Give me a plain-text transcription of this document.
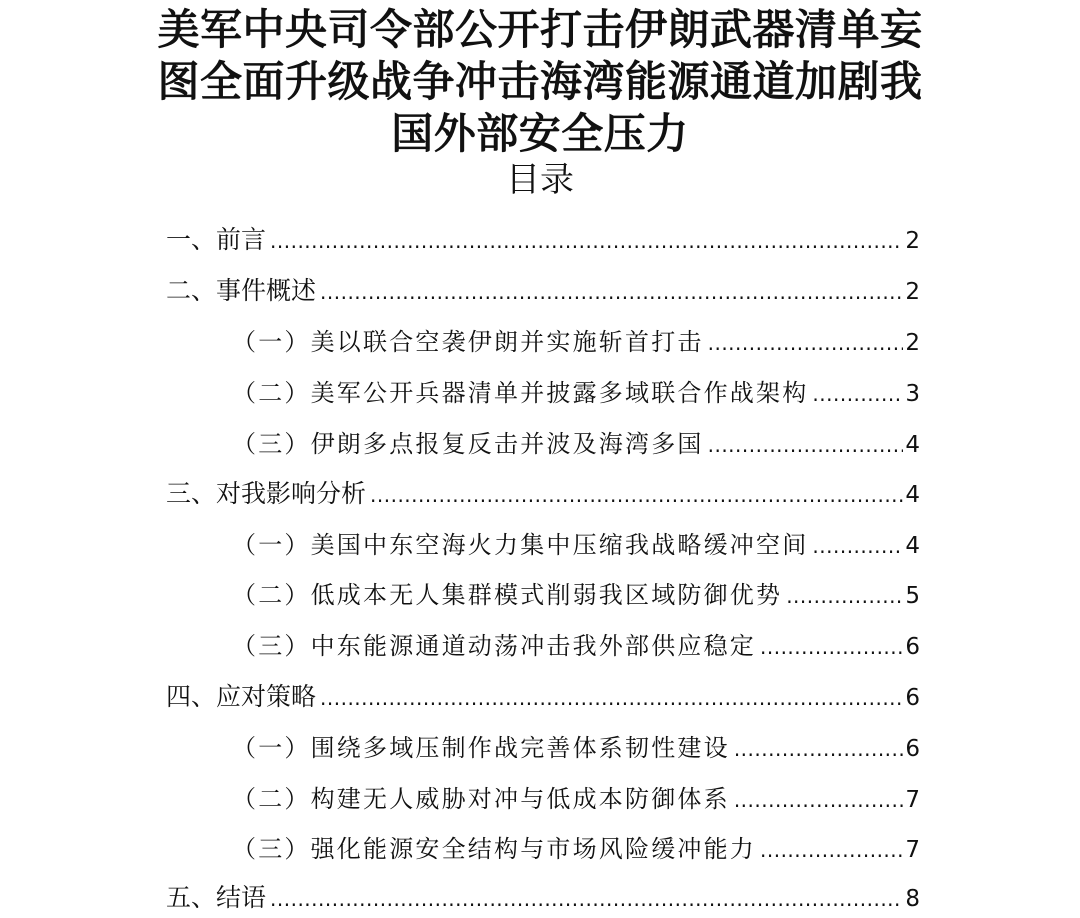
美军中央司令部公开打击伊朗武器清单妄
图全面升级战争冲击海湾能源通道加剧我
国外部安全压力
目录
一、前言 .....	2
二、事件概述 .....	2
（一）美以联合空袭伊朗并实施斩首打击 .....	2
（二）美军公开兵器清单并披露多域联合作战架构 .....	3
（三）伊朗多点报复反击并波及海湾多国 .....	4
三、对我影响分析 .....	4
（一）美国中东空海火力集中压缩我战略缓冲空间 .....	4
（二）低成本无人集群模式削弱我区域防御优势 .....	5
（三）中东能源通道动荡冲击我外部供应稳定 .....	6
四、应对策略 .....	6
（一）围绕多域压制作战完善体系韧性建设 .....	6
（二）构建无人威胁对冲与低成本防御体系 .....	7
（三）强化能源安全结构与市场风险缓冲能力 .....	7
五、结语 .....	8
